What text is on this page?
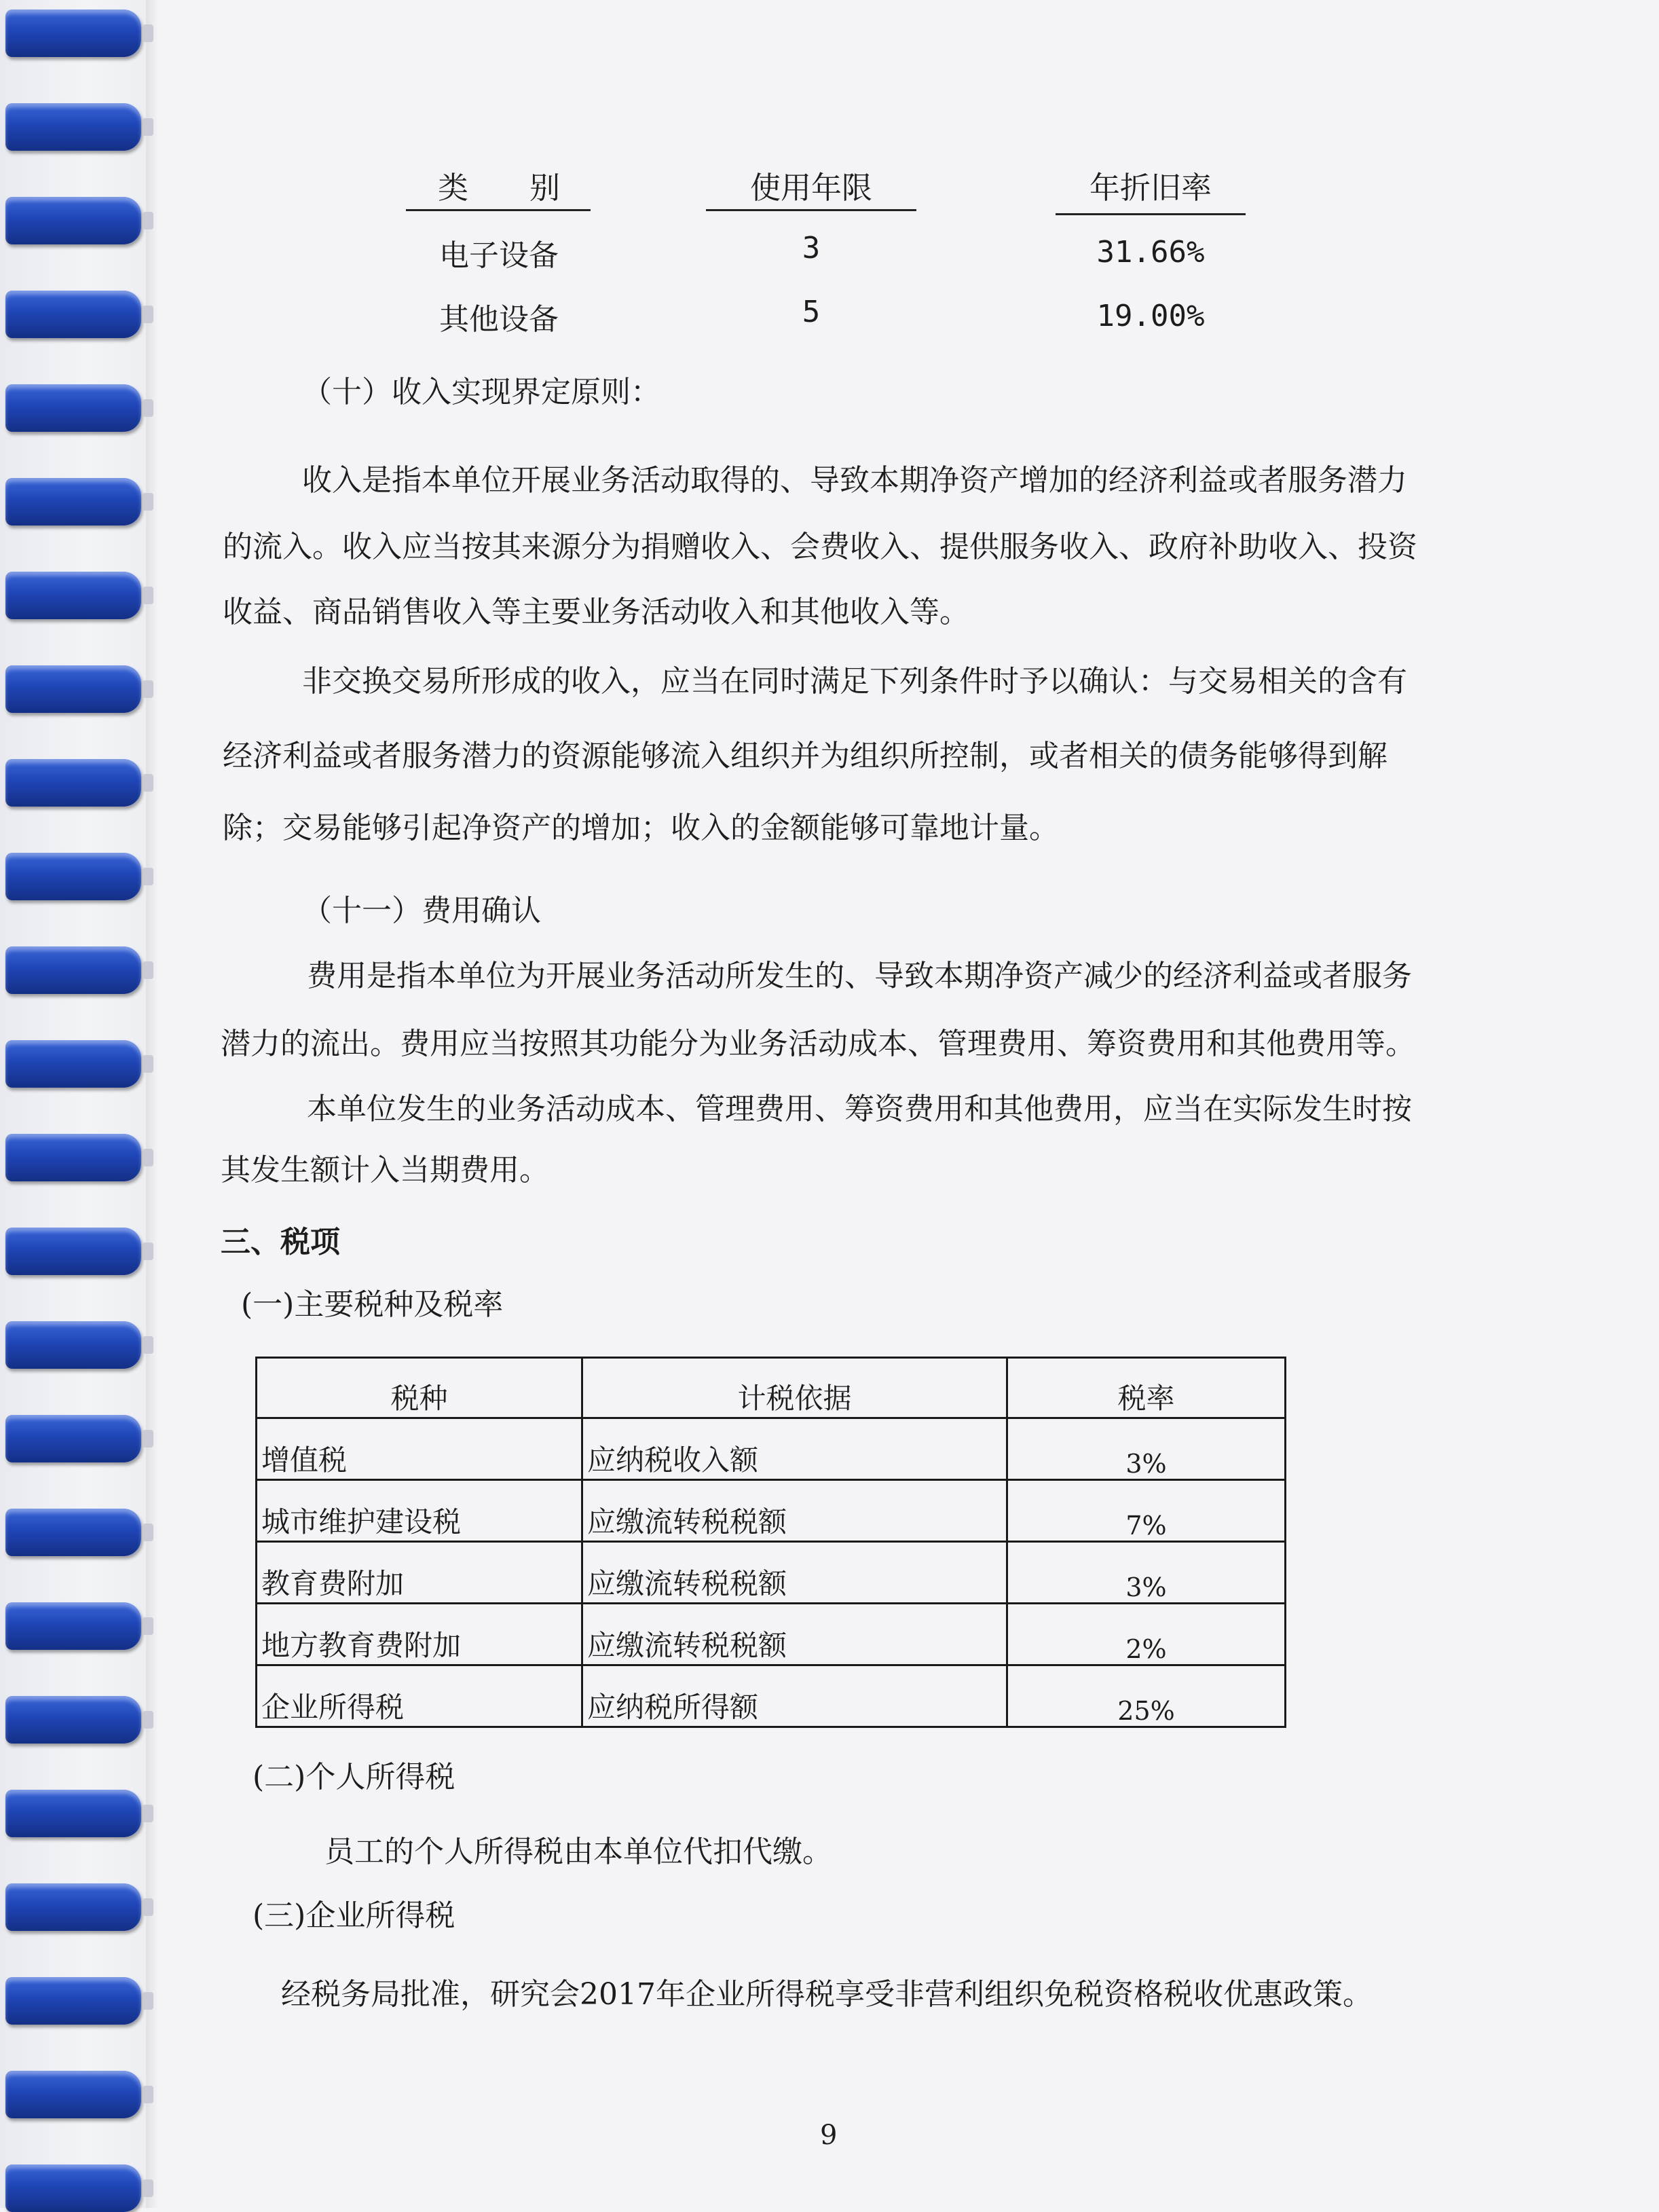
类　　别	使用年限	年折旧率
电子设备	3	31.66%
其他设备	5	19.00%
（十）收入实现界定原则：
收入是指本单位开展业务活动取得的、导致本期净资产增加的经济利益或者服务潜力
的流入。收入应当按其来源分为捐赠收入、会费收入、提供服务收入、政府补助收入、投资
收益、商品销售收入等主要业务活动收入和其他收入等。
非交换交易所形成的收入，应当在同时满足下列条件时予以确认：与交易相关的含有
经济利益或者服务潜力的资源能够流入组织并为组织所控制，或者相关的债务能够得到解
除；交易能够引起净资产的增加；收入的金额能够可靠地计量。
（十一）费用确认
费用是指本单位为开展业务活动所发生的、导致本期净资产减少的经济利益或者服务
潜力的流出。费用应当按照其功能分为业务活动成本、管理费用、筹资费用和其他费用等。
本单位发生的业务活动成本、管理费用、筹资费用和其他费用，应当在实际发生时按
其发生额计入当期费用。
三、税项
(一)主要税种及税率
税种	计税依据	税率
增值税	应纳税收入额	3%
城市维护建设税	应缴流转税税额	7%
教育费附加	应缴流转税税额	3%
地方教育费附加	应缴流转税税额	2%
企业所得税	应纳税所得额	25%
(二)个人所得税
员工的个人所得税由本单位代扣代缴。
(三)企业所得税
经税务局批准，研究会2017年企业所得税享受非营利组织免税资格税收优惠政策。
9
